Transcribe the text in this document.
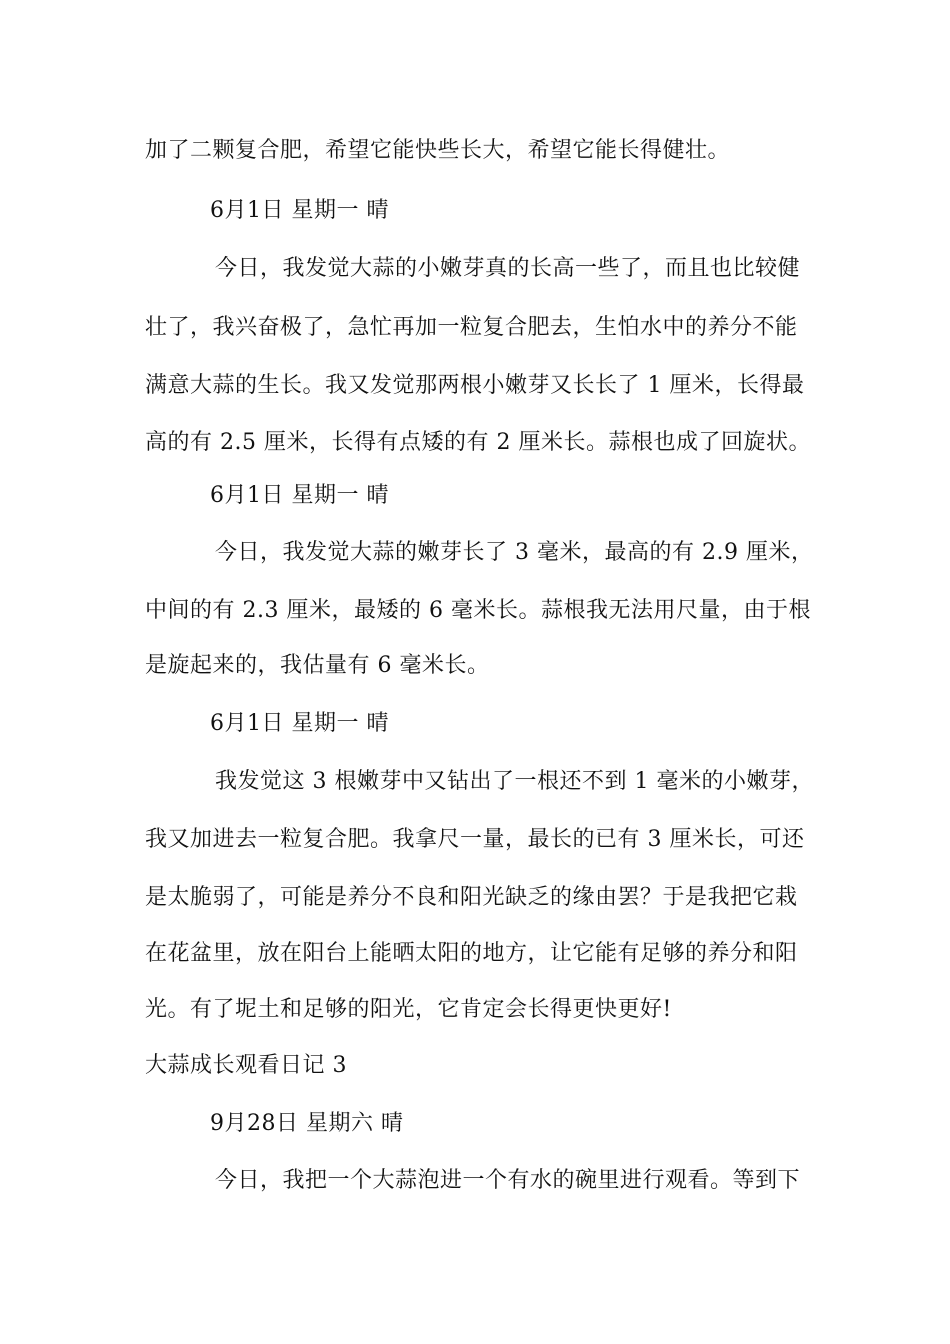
加了二颗复合肥，希望它能快些长大，希望它能长得健壮。
6月1日 星期一 晴
今日，我发觉大蒜的小嫩芽真的长高一些了，而且也比较健
壮了，我兴奋极了，急忙再加一粒复合肥去，生怕水中的养分不能
满意大蒜的生长。我又发觉那两根小嫩芽又长长了 1 厘米，长得最
高的有 2.5 厘米，长得有点矮的有 2 厘米长。蒜根也成了回旋状。
6月1日 星期一 晴
今日，我发觉大蒜的嫩芽长了 3 毫米，最高的有 2.9 厘米，
中间的有 2.3 厘米，最矮的 6 毫米长。蒜根我无法用尺量，由于根
是旋起来的，我估量有 6 毫米长。
6月1日 星期一 晴
我发觉这 3 根嫩芽中又钻出了一根还不到 1 毫米的小嫩芽，
我又加进去一粒复合肥。我拿尺一量，最长的已有 3 厘米长，可还
是太脆弱了，可能是养分不良和阳光缺乏的缘由罢？于是我把它栽
在花盆里，放在阳台上能晒太阳的地方，让它能有足够的养分和阳
光。有了坭土和足够的阳光，它肯定会长得更快更好!
大蒜成长观看日记 3
9月28日 星期六 晴
今日，我把一个大蒜泡进一个有水的碗里进行观看。等到下
